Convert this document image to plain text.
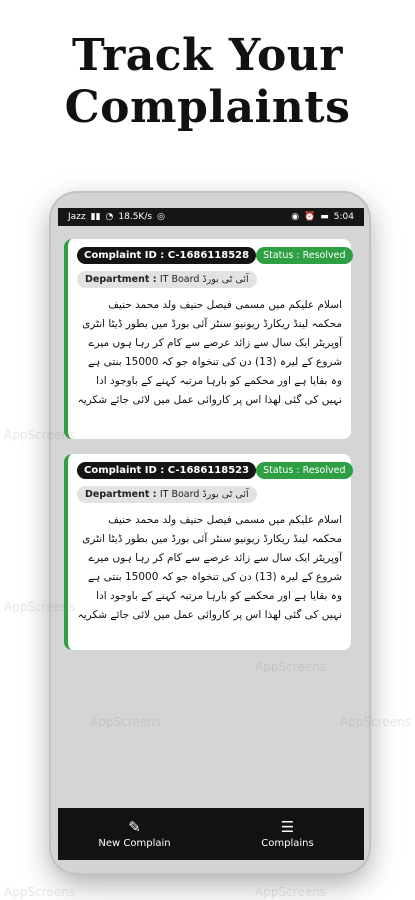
Track Your
Complaints
Jazz ▮▮ ◔ 18.5K/s ◎	◉ ⏰ ▬ 5:04
Complaint ID : C-1686118528	Status : Resolved
Department : IT Board آئی ٹی بورڈ
اسلام علیکم میں مسمی فیصل حنیف ولد محمد حنیف محکمہ لینڈ ریکارڈ ریونیو سنٹر آئی بورڈ میں بطور ڈیٹا انٹری آوپریٹر ایک سال سے زائد عرصے سے کام کر رہا ہوں میرے شروع کے لیرہ (13) دن کی تنخواہ جو کہ 15000 بنتی ہے وہ بقایا ہے اور محکمے کو بارہا مرتبہ کہنے کے باوجود ادا نہیں کی گئی لھذا اس پر کاروائی عمل میں لائی جائے شکریہ
Complaint ID : C-1686118523	Status : Resolved
Department : IT Board آئی ٹی بورڈ
اسلام علیکم میں مسمی فیصل حنیف ولد محمد حنیف محکمہ لینڈ ریکارڈ ریونیو سنٹر آئی بورڈ میں بطور ڈیٹا انٹری آوپریٹر ایک سال سے زائد عرصے سے کام کر رہا ہوں میرے شروع کے لیرہ (13) دن کی تنخواہ جو کہ 15000 بنتی ہے وہ بقایا ہے اور محکمے کو بارہا مرتبہ کہنے کے باوجود ادا نہیں کی گئی لھذا اس پر کاروائی عمل میں لائی جائے شکریہ
✎
New Complain
☰
Complains
AppScreens
AppScreens
AppScreens
AppScreens	AppScreens
